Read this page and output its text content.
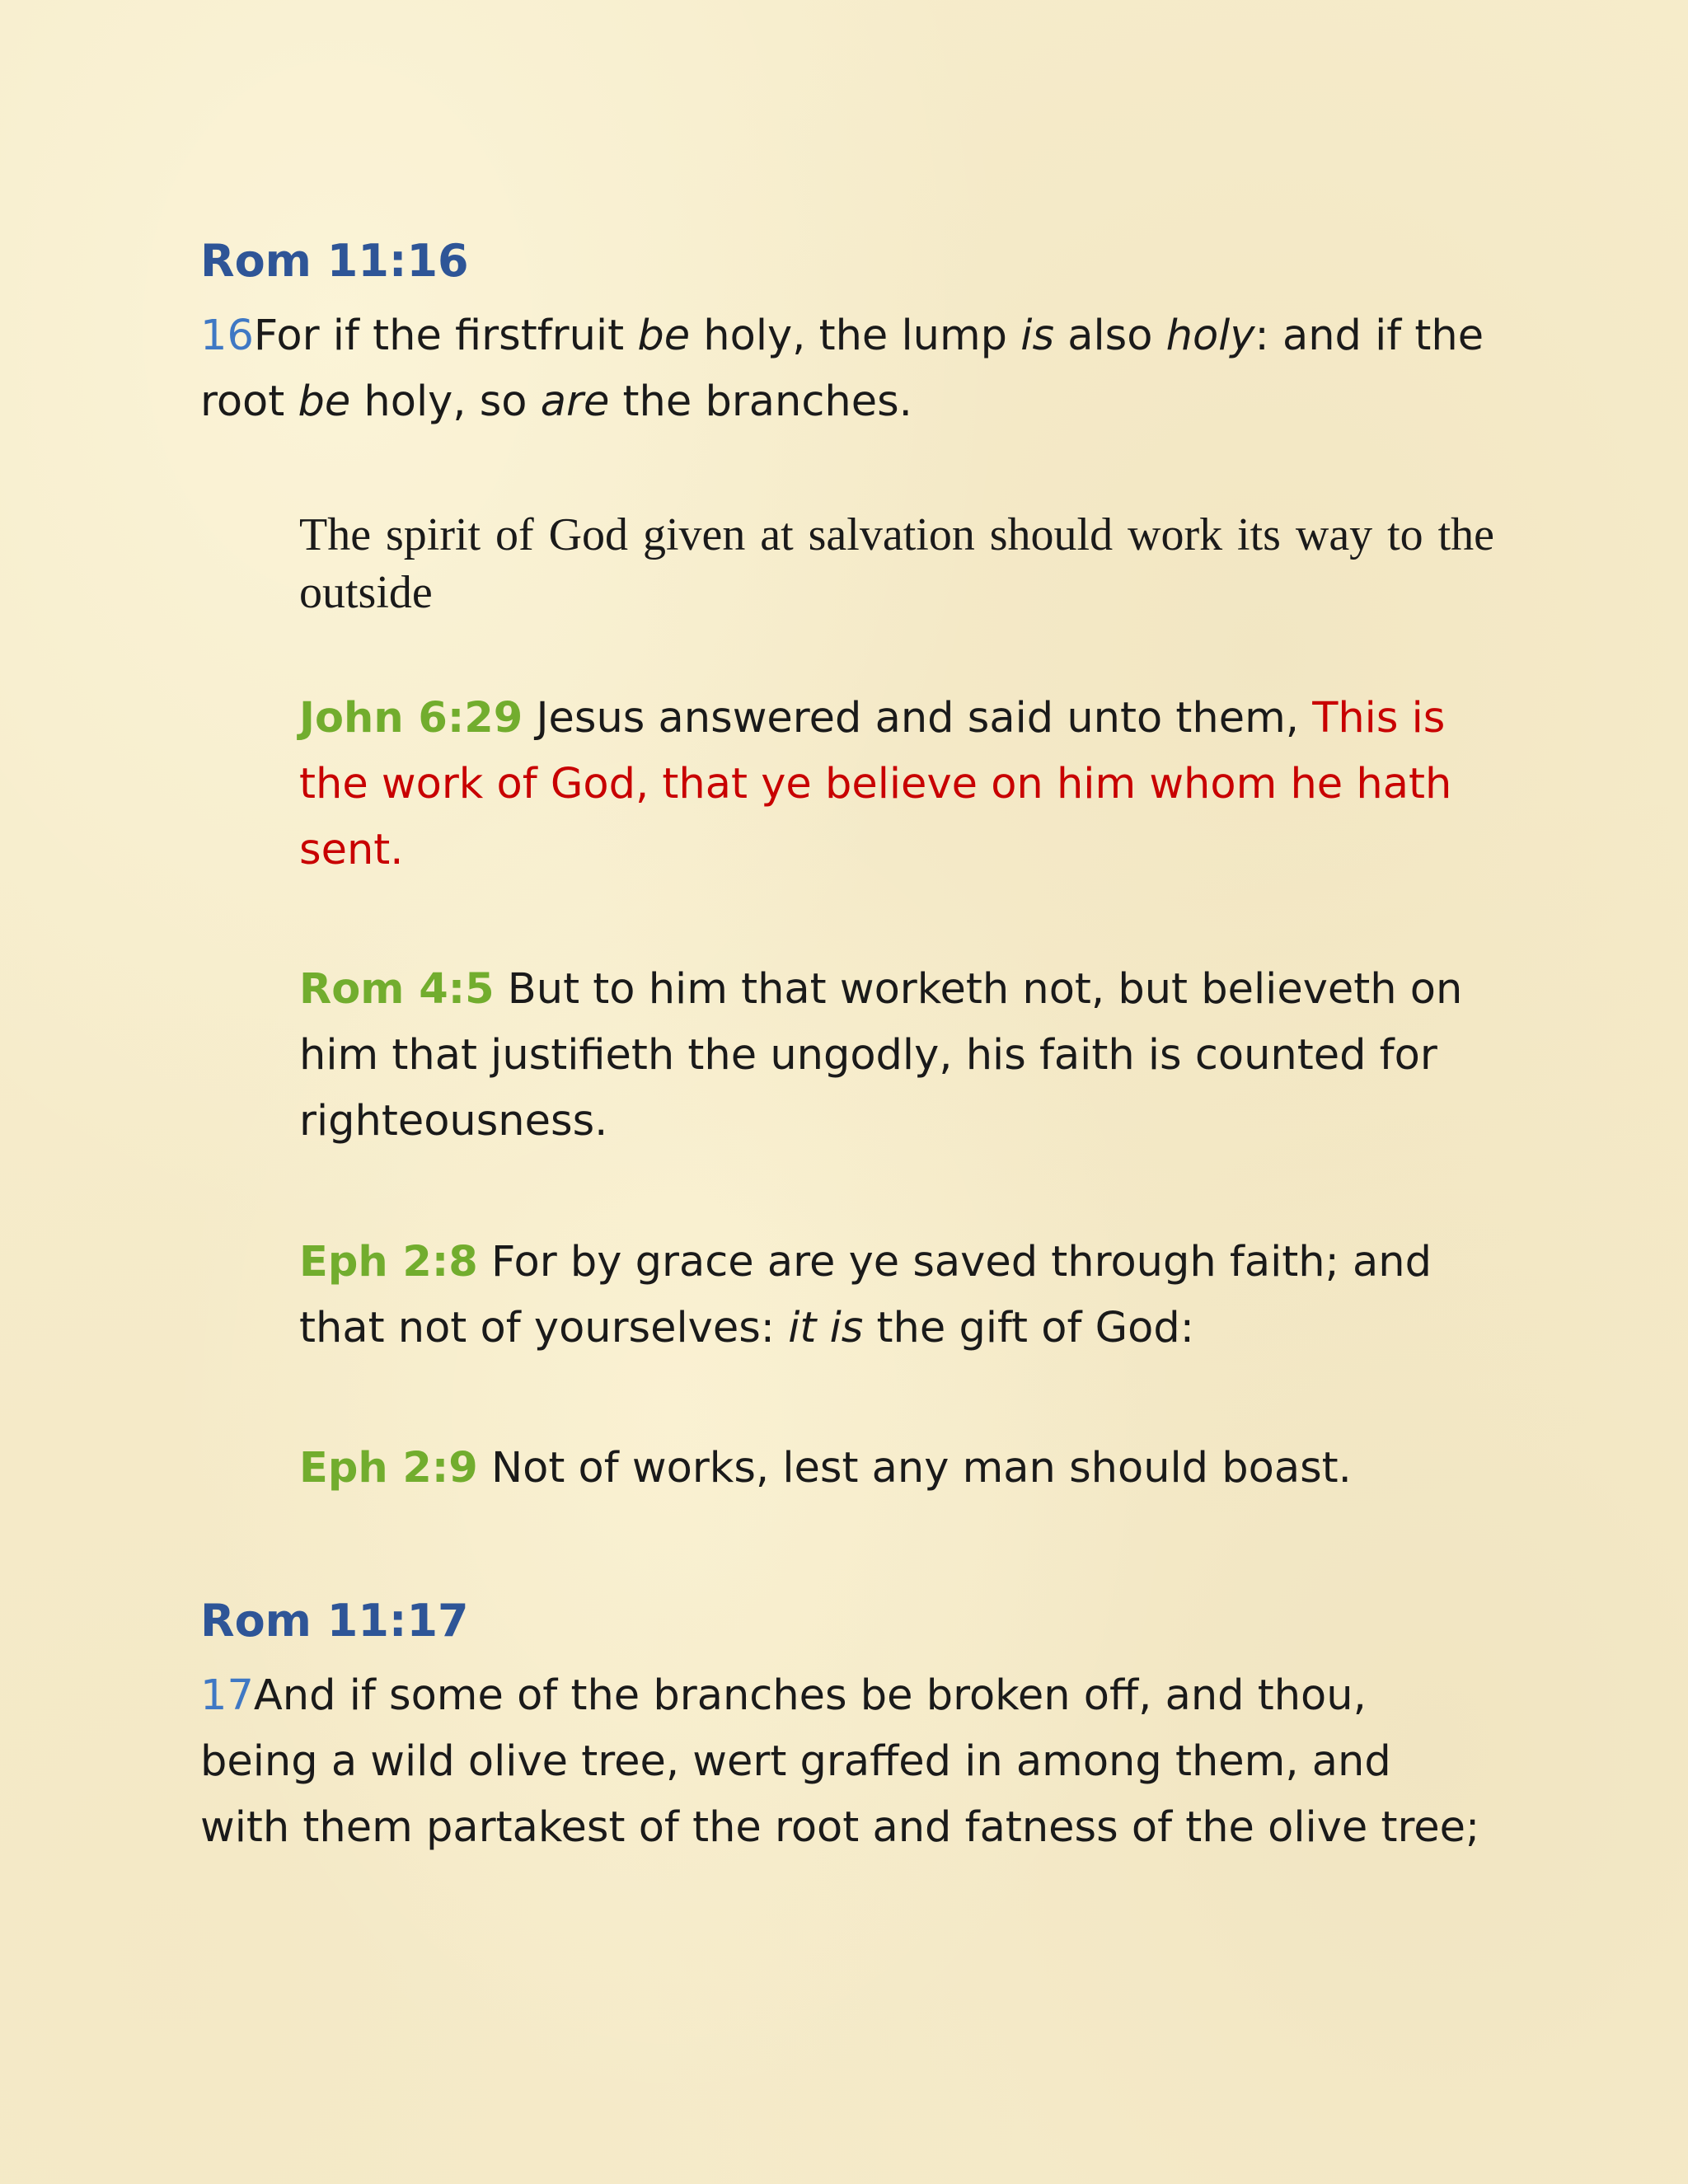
Rom 11:16

16For if the firstfruit be holy, the lump is also holy: and if the root be holy, so are the branches.

The spirit of God given at salvation should work its way to the outside

John 6:29 Jesus answered and said unto them, This is the work of God, that ye believe on him whom he hath sent.

Rom 4:5 But to him that worketh not, but believeth on him that justifieth the ungodly, his faith is counted for righteousness.

Eph 2:8 For by grace are ye saved through faith; and that not of yourselves: it is the gift of God:

Eph 2:9 Not of works, lest any man should boast.

Rom 11:17

17And if some of the branches be broken off, and thou, being a wild olive tree, wert graffed in among them, and with them partakest of the root and fatness of the olive tree;
